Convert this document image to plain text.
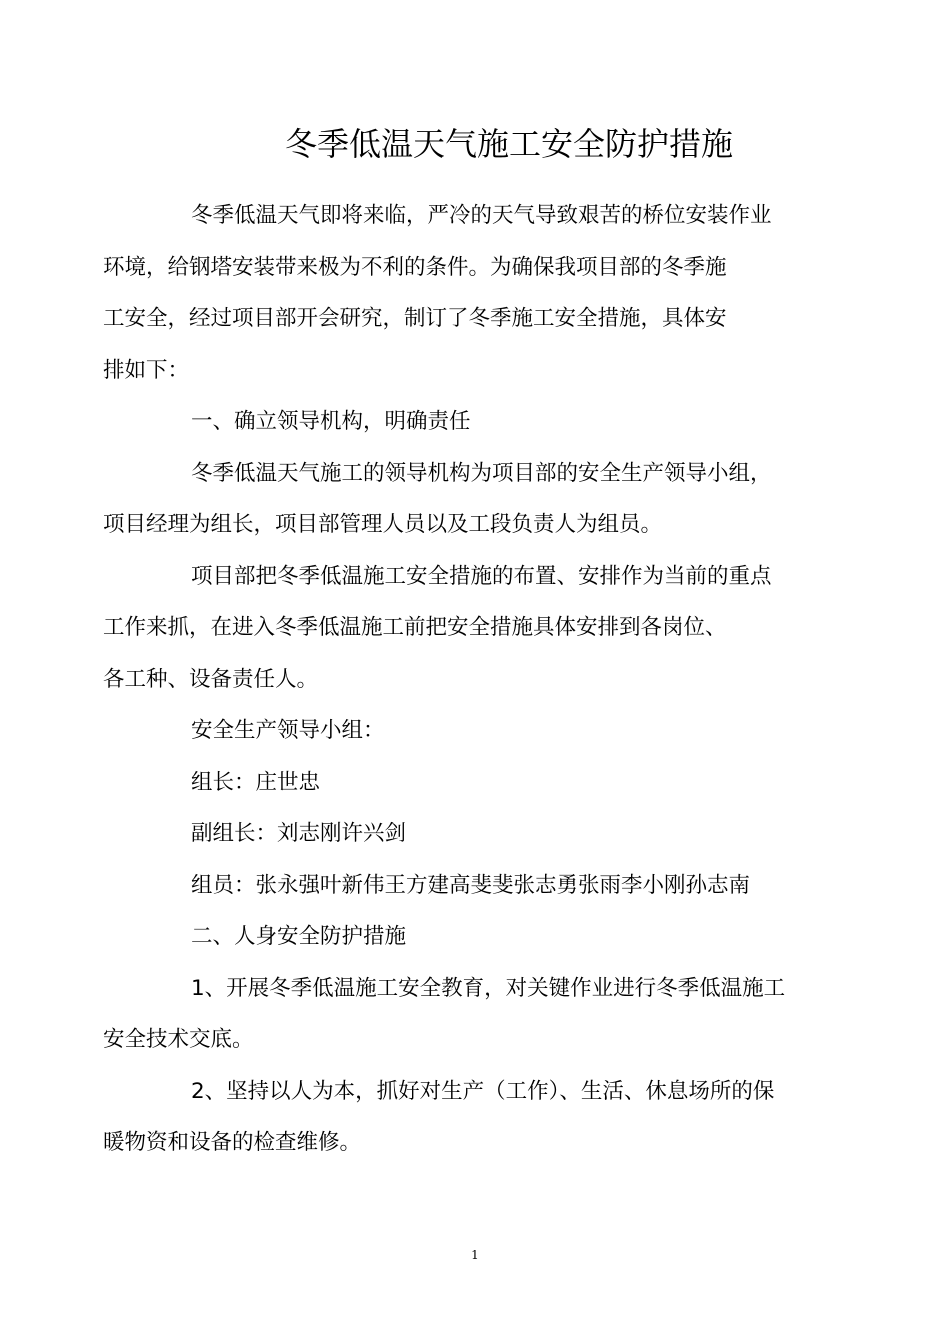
冬季低温天气施工安全防护措施

冬季低温天气即将来临，严冷的天气导致艰苦的桥位安装作业
环境，给钢塔安装带来极为不利的条件。为确保我项目部的冬季施
工安全，经过项目部开会研究，制订了冬季施工安全措施，具体安
排如下：

一、确立领导机构，明确责任

冬季低温天气施工的领导机构为项目部的安全生产领导小组，
项目经理为组长，项目部管理人员以及工段负责人为组员。

项目部把冬季低温施工安全措施的布置、安排作为当前的重点
工作来抓，在进入冬季低温施工前把安全措施具体安排到各岗位、
各工种、设备责任人。

安全生产领导小组：

组长：庄世忠

副组长：刘志刚许兴剑

组员：张永强叶新伟王方建高斐斐张志勇张雨李小刚孙志南

二、人身安全防护措施

1、开展冬季低温施工安全教育，对关键作业进行冬季低温施工
安全技术交底。

2、坚持以人为本，抓好对生产（工作）、生活、休息场所的保
暖物资和设备的检查维修。

1
